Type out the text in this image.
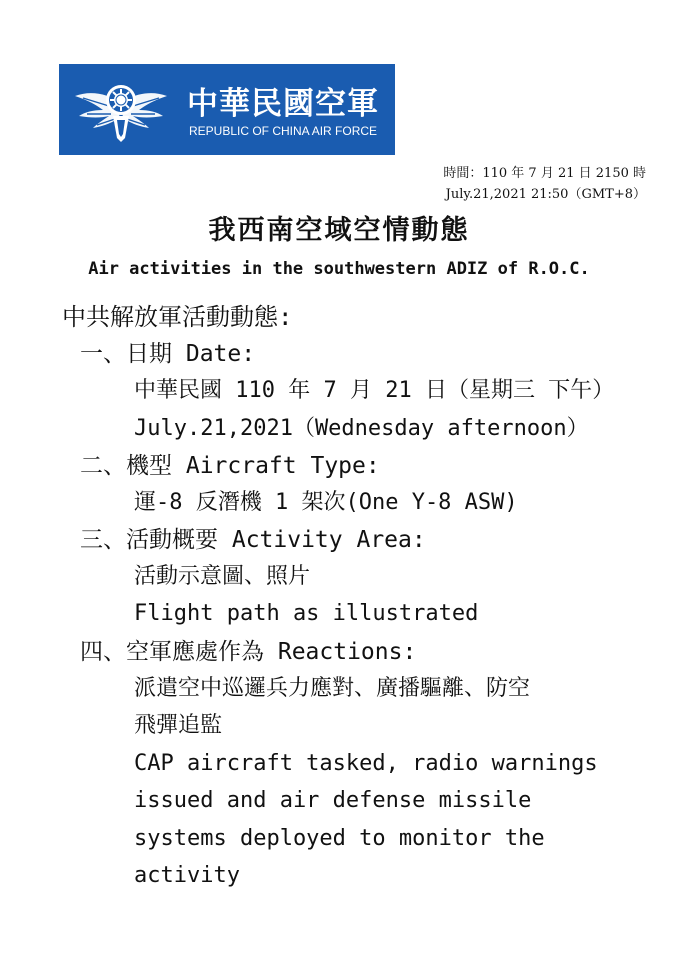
中華民國空軍
REPUBLIC OF CHINA AIR FORCE
時間：110 年 7 月 21 日 2150 時
July.21,2021 21:50（GMT+8）
我西南空域空情動態
Air activities in the southwestern ADIZ of R.O.C.
中共解放軍活動動態:
一、日期 Date:
中華民國 110 年 7 月 21 日（星期三 下午）
July.21,2021（Wednesday afternoon）
二、機型 Aircraft Type:
運-8 反潛機 1 架次(One Y-8 ASW)
三、活動概要 Activity Area:
活動示意圖、照片
Flight path as illustrated
四、空軍應處作為 Reactions:
派遣空中巡邏兵力應對、廣播驅離、防空
飛彈追監
CAP aircraft tasked, radio warnings
issued and air defense missile
systems deployed to monitor the
activity
